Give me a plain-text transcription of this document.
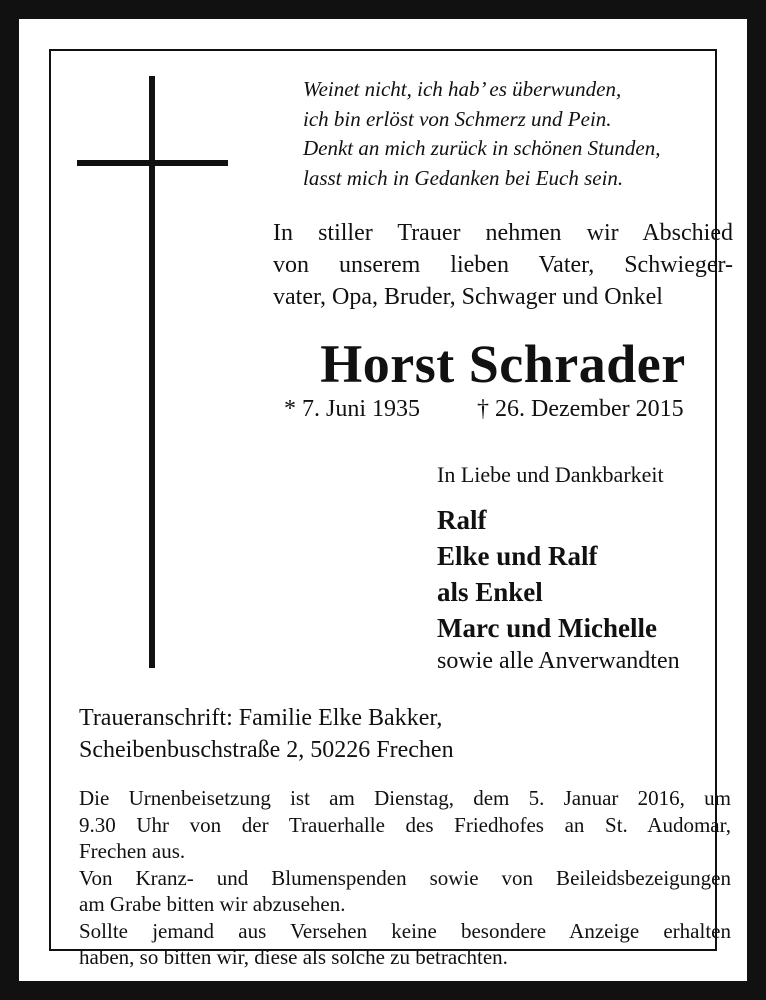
Weinet nicht, ich hab’ es überwunden,
ich bin erlöst von Schmerz und Pein.
Denkt an mich zurück in schönen Stunden,
lasst mich in Gedanken bei Euch sein.
In stiller Trauer nehmen wir Abschied
von unserem lieben Vater, Schwieger-
vater, Opa, Bruder, Schwager und Onkel
Horst Schrader
* 7. Juni 1935 † 26. Dezember 2015
In Liebe und Dankbarkeit
Ralf
Elke und Ralf
als Enkel
Marc und Michelle
sowie alle Anverwandten
Traueranschrift: Familie Elke Bakker,
Scheibenbuschstraße 2, 50226 Frechen
Die Urnenbeisetzung ist am Dienstag, dem 5. Januar 2016, um
9.30 Uhr von der Trauerhalle des Friedhofes an St. Audomar,
Frechen aus.
Von Kranz- und Blumenspenden sowie von Beileidsbezeigungen
am Grabe bitten wir abzusehen.
Sollte jemand aus Versehen keine besondere Anzeige erhalten
haben, so bitten wir, diese als solche zu betrachten.
